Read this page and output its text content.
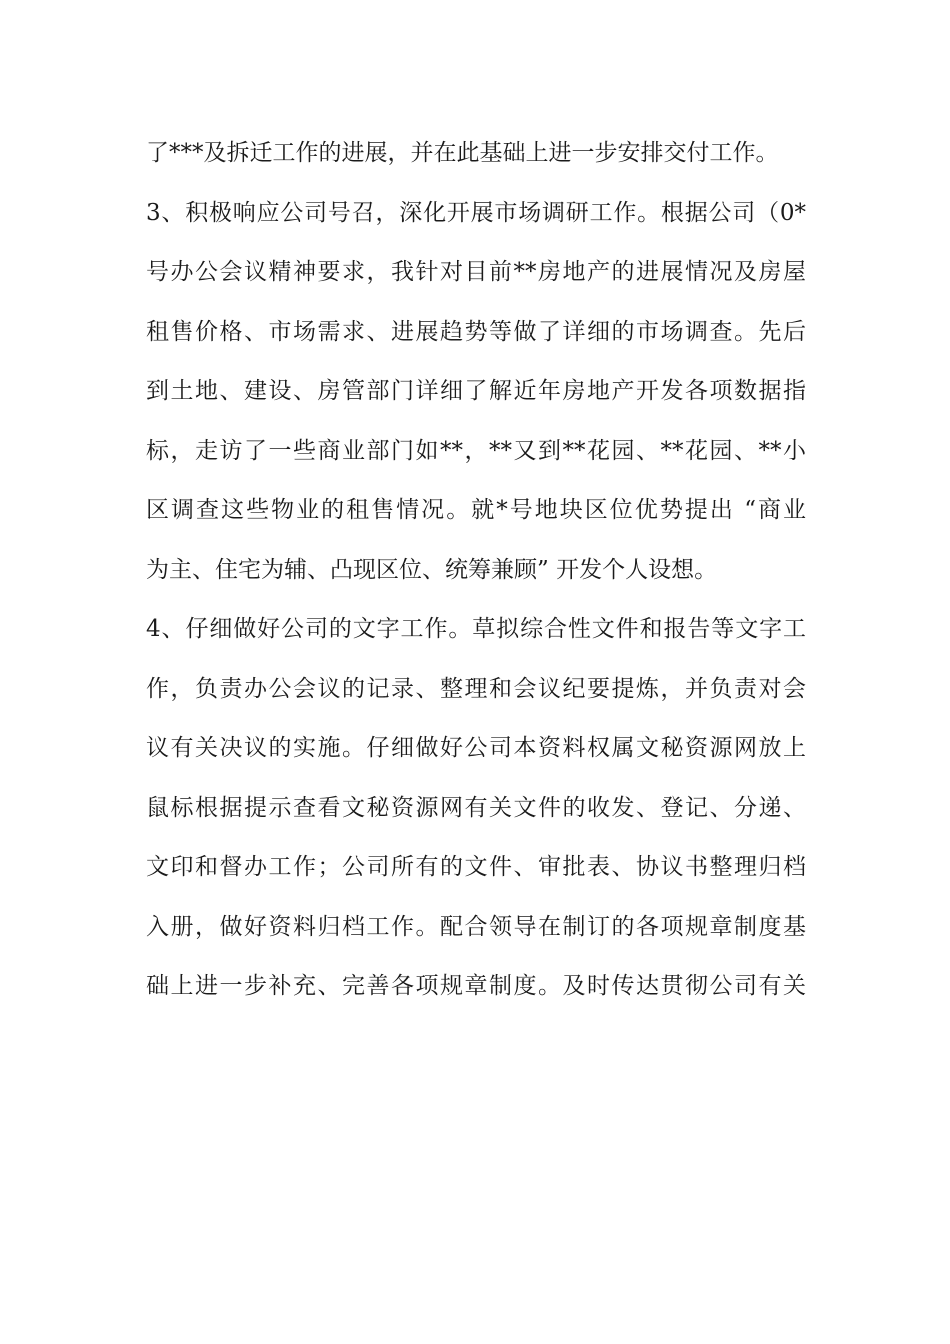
了***及拆迁工作的进展，并在此基础上进一步安排交付工作。
3、积极响应公司号召，深化开展市场调研工作。根据公司（0*
号办公会议精神要求，我针对目前**房地产的进展情况及房屋
租售价格、市场需求、进展趋势等做了详细的市场调查。先后
到土地、建设、房管部门详细了解近年房地产开发各项数据指
标，走访了一些商业部门如**，**又到**花园、**花园、**小
区调查这些物业的租售情况。就*号地块区位优势提出 “商业
为主、住宅为辅、凸现区位、统筹兼顾” 开发个人设想。
4、仔细做好公司的文字工作。草拟综合性文件和报告等文字工
作，负责办公会议的记录、整理和会议纪要提炼，并负责对会
议有关决议的实施。仔细做好公司本资料权属文秘资源网放上
鼠标根据提示查看文秘资源网有关文件的收发、登记、分递、
文印和督办工作；公司所有的文件、审批表、协议书整理归档
入册，做好资料归档工作。配合领导在制订的各项规章制度基
础上进一步补充、完善各项规章制度。及时传达贯彻公司有关
